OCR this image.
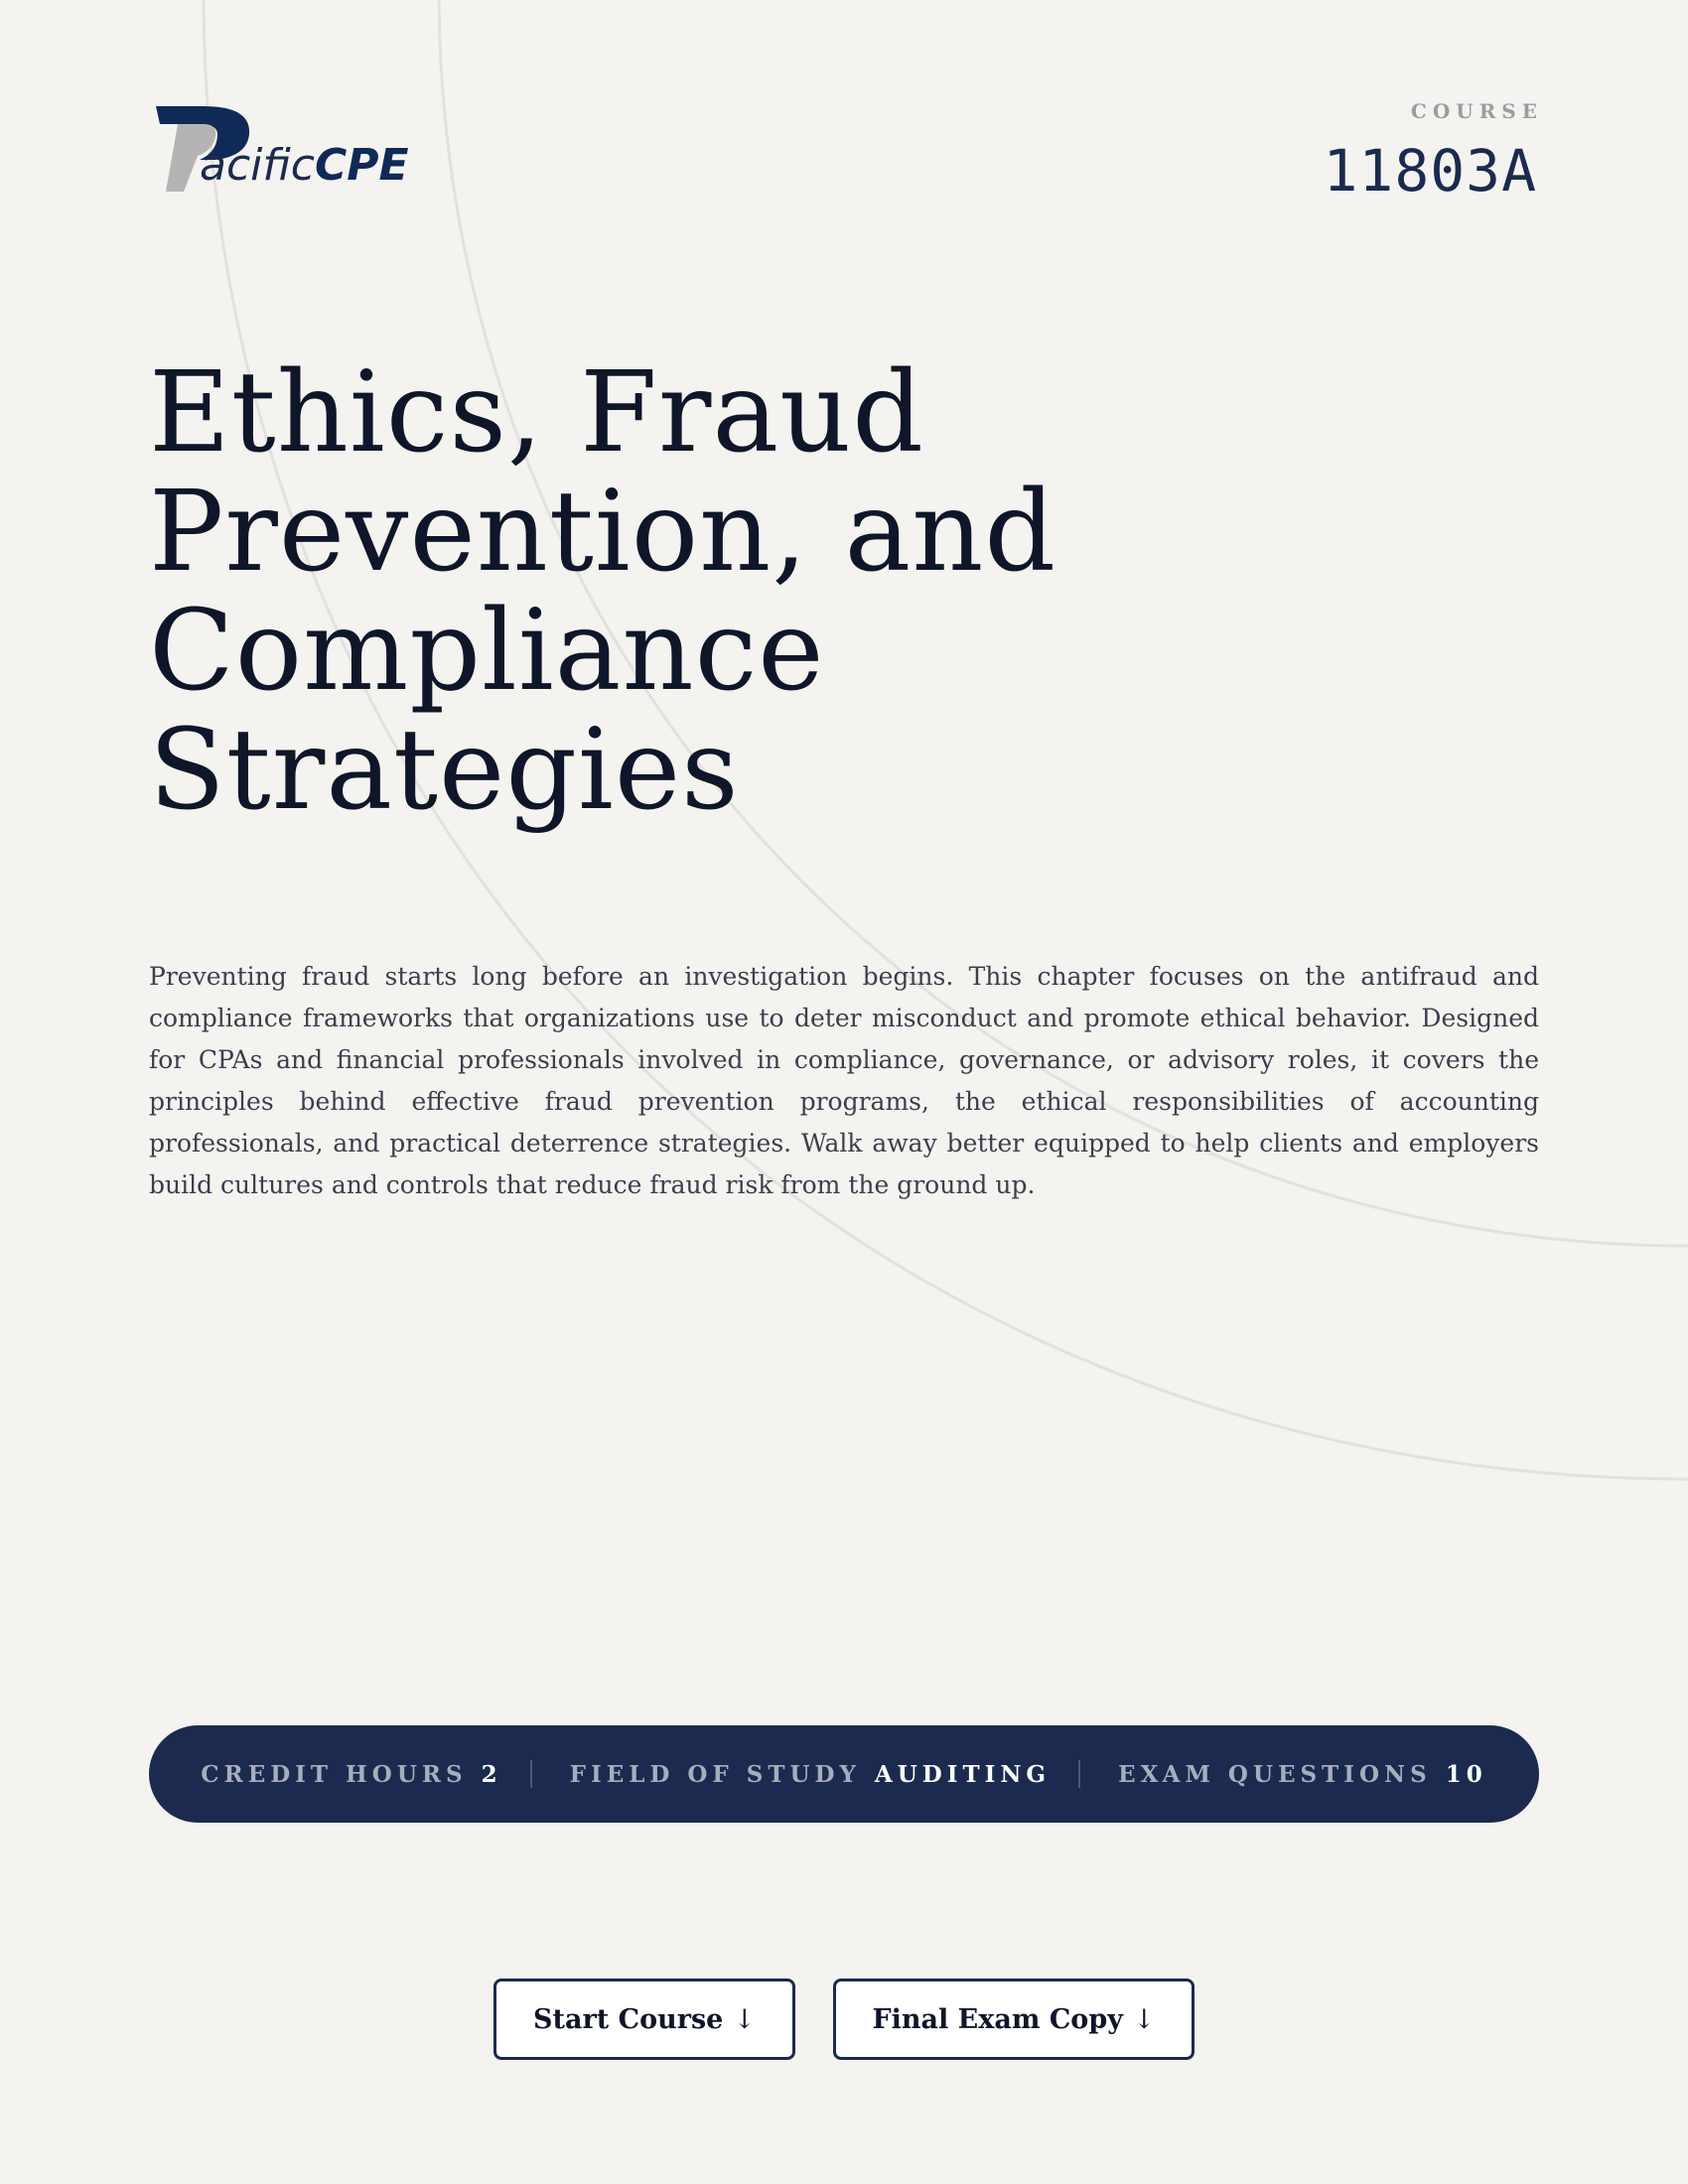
acificCPE
COURSE
11803A
Ethics, Fraud
Prevention, and
Compliance
Strategies

Preventing fraud starts long before an investigation begins. This chapter focuses on the antifraud and compliance frameworks that organizations use to deter misconduct and promote ethical behavior. Designed for CPAs and financial professionals involved in compliance, governance, or advisory roles, it covers the principles behind effective fraud prevention programs, the ethical responsibilities of accounting professionals, and practical deterrence strategies. Walk away better equipped to help clients and employers build cultures and controls that reduce fraud risk from the ground up.

CREDIT HOURS 2	FIELD OF STUDY AUDITING	EXAM QUESTIONS 10
Start Course ↓	Final Exam Copy ↓
